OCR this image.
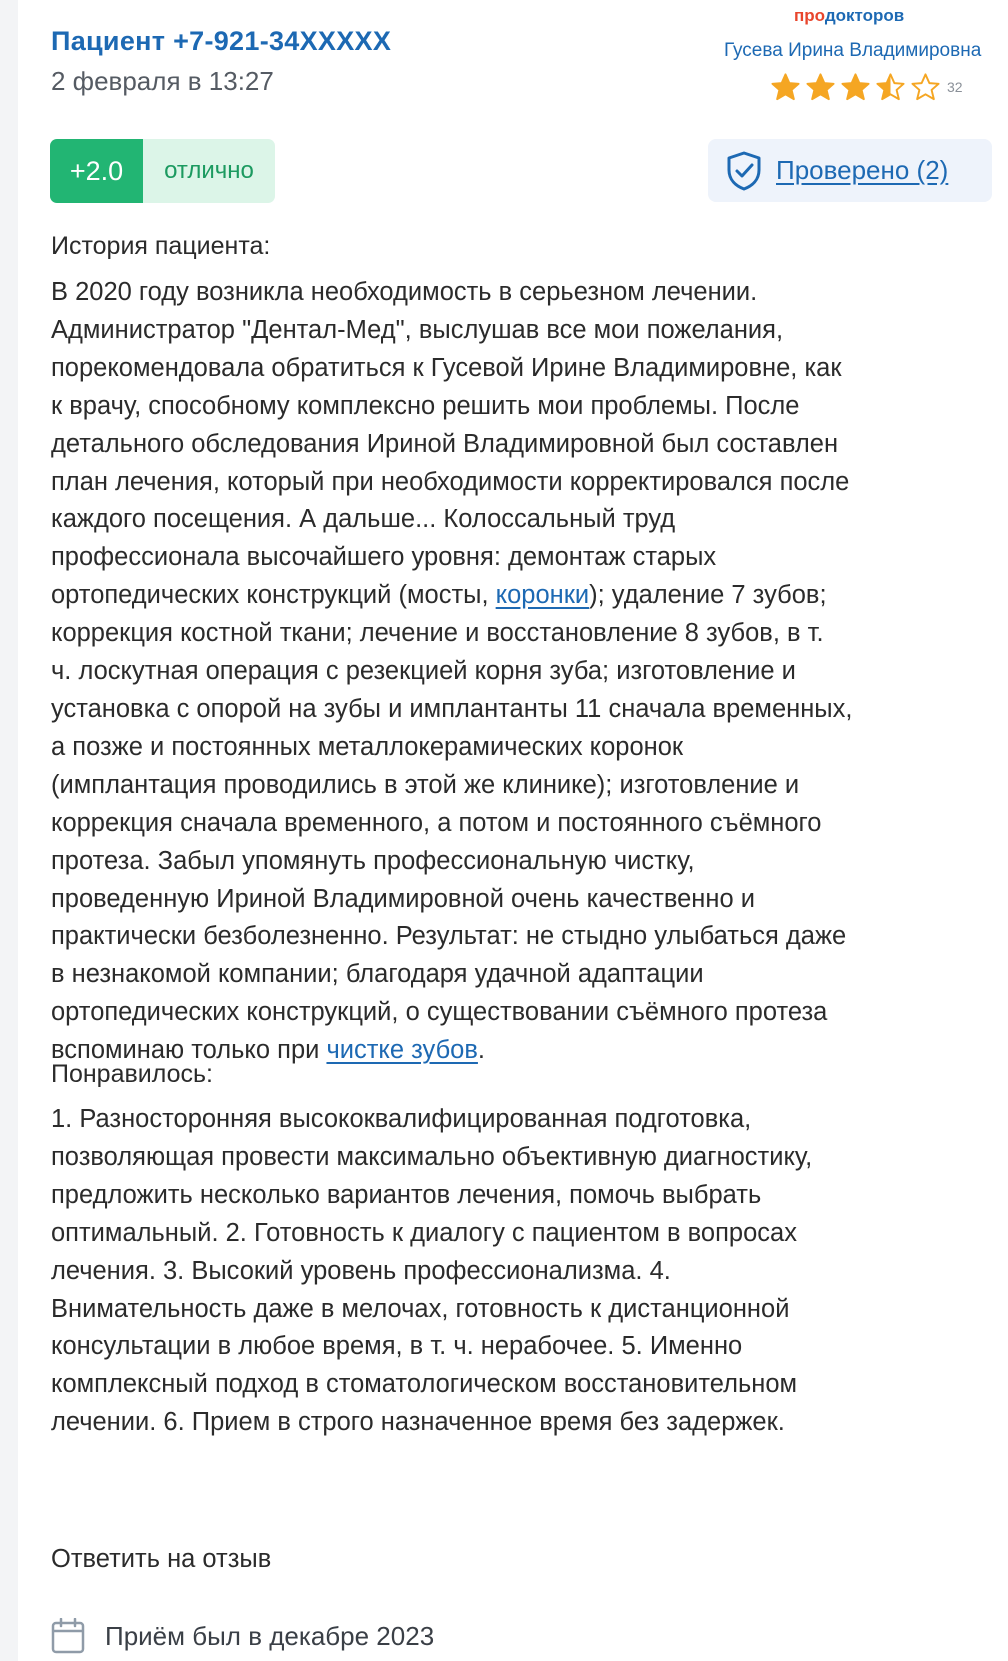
Пациент +7-921-34XXXXX
2 февраля в 13:27
продокторов
Гусева Ирина Владимировна
32
+2.0	отлично	Проверено (2)
История пациента:
В 2020 году возникла необходимость в серьезном лечении.
Администратор "Дентал-Мед", выслушав все мои пожелания,
порекомендовала обратиться к Гусевой Ирине Владимировне, как
к врачу, способному комплексно решить мои проблемы. После
детального обследования Ириной Владимировной был составлен
план лечения, который при необходимости корректировался после
каждого посещения. А дальше... Колоссальный труд
профессионала высочайшего уровня: демонтаж старых
ортопедических конструкций (мосты, коронки); удаление 7 зубов;
коррекция костной ткани; лечение и восстановление 8 зубов, в т.
ч. лоскутная операция с резекцией корня зуба; изготовление и
установка с опорой на зубы и имплантанты 11 сначала временных,
а позже и постоянных металлокерамических коронок
(имплантация проводились в этой же клинике); изготовление и
коррекция сначала временного, а потом и постоянного съёмного
протеза. Забыл упомянуть профессиональную чистку,
проведенную Ириной Владимировной очень качественно и
практически безболезненно. Результат: не стыдно улыбаться даже
в незнакомой компании; благодаря удачной адаптации
ортопедических конструкций, о существовании съёмного протеза
вспоминаю только при чистке зубов.
Понравилось:
1. Разносторонняя высококвалифицированная подготовка,
позволяющая провести максимально объективную диагностику,
предложить несколько вариантов лечения, помочь выбрать
оптимальный. 2. Готовность к диалогу с пациентом в вопросах
лечения. 3. Высокий уровень профессионализма. 4.
Внимательность даже в мелочах, готовность к дистанционной
консультации в любое время, в т. ч. нерабочее. 5. Именно
комплексный подход в стоматологическом восстановительном
лечении. 6. Прием в строго назначенное время без задержек.
Ответить на отзыв
Приём был в декабре 2023
